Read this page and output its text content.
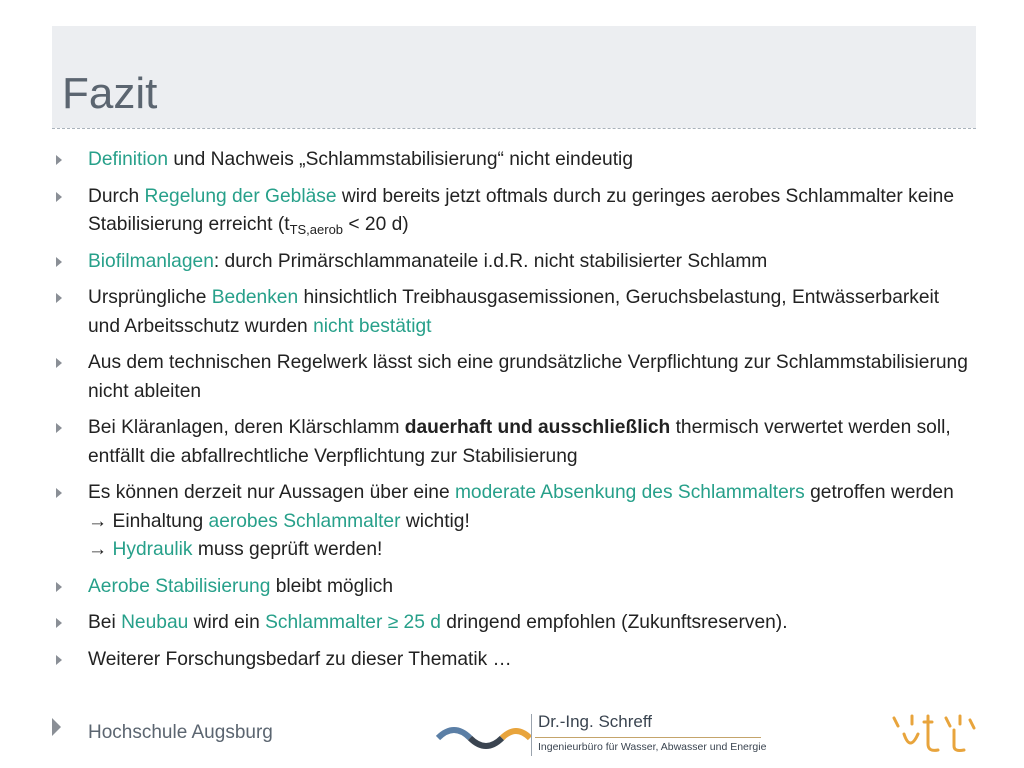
Fazit
Definition und Nachweis „Schlammstabilisierung“ nicht eindeutig
Durch Regelung der Gebläse wird bereits jetzt oftmals durch zu geringes aerobes Schlammalter keine Stabilisierung erreicht ($t_{TS,aerob} < 20$ d)
Biofilmanlagen: durch Primärschlammanateile i.d.R. nicht stabilisierter Schlamm
Ursprüngliche Bedenken hinsichtlich Treibhausgasemissionen, Geruchsbelastung, Entwässerbarkeit und Arbeitsschutz wurden nicht bestätigt
Aus dem technischen Regelwerk lässt sich eine grundsätzliche Verpflichtung zur Schlammstabilisierung nicht ableiten
Bei Kläranlagen, deren Klärschlamm dauerhaft und ausschließlich thermisch verwertet werden soll, entfällt die abfallrechtliche Verpflichtung zur Stabilisierung
Es können derzeit nur Aussagen über eine moderate Absenkung des Schlammalters getroffen werden → Einhaltung aerobes Schlammalter wichtig!
→ Hydraulik muss geprüft werden!
Aerobe Stabilisierung bleibt möglich
Bei Neubau wird ein Schlammalter ≥ 25 d dringend empfohlen (Zukunftsreserven).
Weiterer Forschungsbedarf zu dieser Thematik …
Hochschule Augsburg
Dr.-Ing. Schreff
Ingenieurbüro für Wasser, Abwasser und Energie
